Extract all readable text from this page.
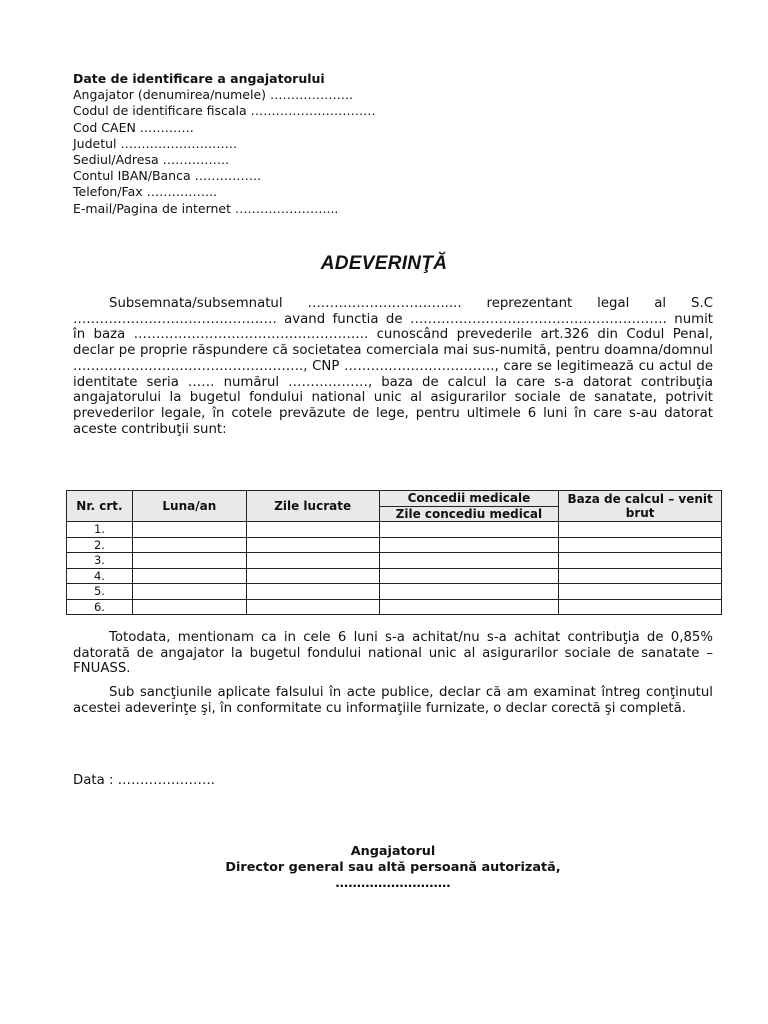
Date de identificare a angajatorului
Angajator (denumirea/numele) ………………..
Codul de identificare fiscala …………………………
Cod CAEN ………….
Judetul ……………………….
Sediul/Adresa …………….
Contul IBAN/Banca …………….
Telefon/Fax ……………..
E-mail/Pagina de internet …………………....
ADEVERINŢĂ

Subsemnata/subsemnatul …………………………..... reprezentant legal al S.C ………………………………………. avand functia de …………………………………………………. numit în baza …………………………………………….. cunoscând prevederile art.326 din Codul Penal, declar pe proprie răspundere că societatea comerciala mai sus-numită, pentru doamna/domnul ……………………………………………., CNP ……………………………., care se legitimează cu actul de identitate seria …… numărul ………………, baza de calcul la care s-a datorat contribuţia angajatorului la bugetul fondului national unic al asigurarilor sociale de sanatate, potrivit prevederilor legale, în cotele prevăzute de lege, pentru ultimele 6 luni în care s-au datorat aceste contribuţii sunt:

Nr. crt.	Luna/an	Zile lucrate	Concedii medicale	Baza de calcul – venit brut
			Zile concediu medical	
1.				
2.				
3.				
4.				
5.				
6.				

Totodata, mentionam ca in cele 6 luni s-a achitat/nu s-a achitat contribuţia de 0,85% datorată de angajator la bugetul fondului national unic al asigurarilor sociale de sanatate – FNUASS.

Sub sancţiunile aplicate falsului în acte publice, declar că am examinat întreg conţinutul acestei adeverinţe şi, în conformitate cu informaţiile furnizate, o declar corectă şi completă.

Data : ………………….
Angajatorul
Director general sau altă persoană autorizată,
………………………
